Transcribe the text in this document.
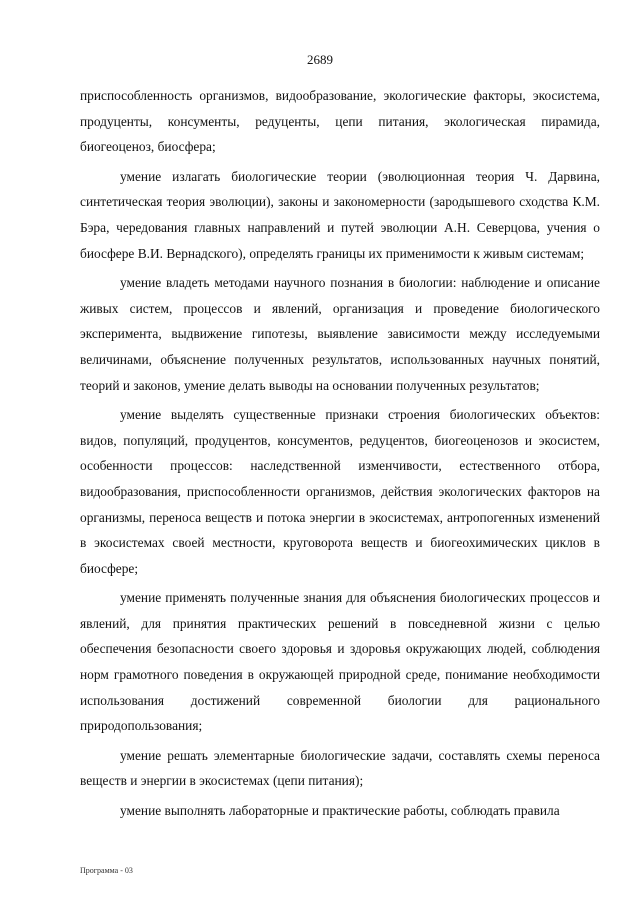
2689

приспособленность организмов, видообразование, экологические факторы, экосистема, продуценты, консументы, редуценты, цепи питания, экологическая пирамида, биогеоценоз, биосфера;

умение излагать биологические теории (эволюционная теория Ч. Дарвина, синтетическая теория эволюции), законы и закономерности (зародышевого сходства К.М. Бэра, чередования главных направлений и путей эволюции А.Н. Северцова, учения о биосфере В.И. Вернадского), определять границы их применимости к живым системам;

умение владеть методами научного познания в биологии: наблюдение и описание живых систем, процессов и явлений, организация и проведение биологического эксперимента, выдвижение гипотезы, выявление зависимости между исследуемыми величинами, объяснение полученных результатов, использованных научных понятий, теорий и законов, умение делать выводы на основании полученных результатов;

умение выделять существенные признаки строения биологических объектов: видов, популяций, продуцентов, консументов, редуцентов, биогеоценозов и экосистем, особенности процессов: наследственной изменчивости, естественного отбора, видообразования, приспособленности организмов, действия экологических факторов на организмы, переноса веществ и потока энергии в экосистемах, антропогенных изменений в экосистемах своей местности, круговорота веществ и биогеохимических циклов в биосфере;

умение применять полученные знания для объяснения биологических процессов и явлений, для принятия практических решений в повседневной жизни с целью обеспечения безопасности своего здоровья и здоровья окружающих людей, соблюдения норм грамотного поведения в окружающей природной среде, понимание необходимости использования достижений современной биологии для рационального природопользования;

умение решать элементарные биологические задачи, составлять схемы переноса веществ и энергии в экосистемах (цепи питания);

умение выполнять лабораторные и практические работы, соблюдать правила

Программа - 03
